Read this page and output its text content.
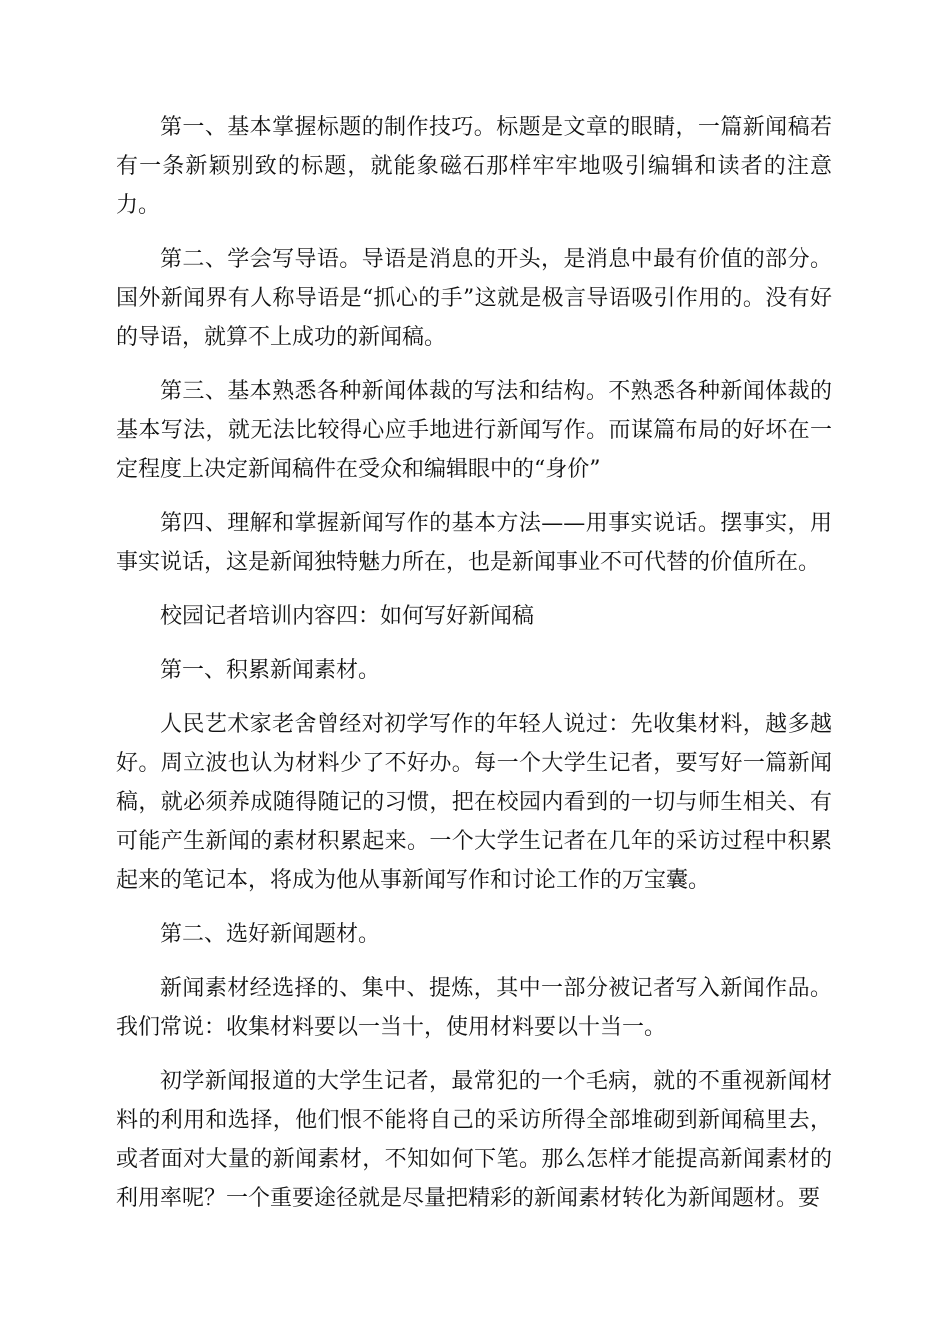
第一、基本掌握标题的制作技巧。标题是文章的眼睛，一篇新闻稿若有一条新颖别致的标题，就能象磁石那样牢牢地吸引编辑和读者的注意力。

第二、学会写导语。导语是消息的开头，是消息中最有价值的部分。国外新闻界有人称导语是“抓心的手”这就是极言导语吸引作用的。没有好的导语，就算不上成功的新闻稿。

第三、基本熟悉各种新闻体裁的写法和结构。不熟悉各种新闻体裁的基本写法，就无法比较得心应手地进行新闻写作。而谋篇布局的好坏在一定程度上决定新闻稿件在受众和编辑眼中的“身价”

第四、理解和掌握新闻写作的基本方法——用事实说话。摆事实，用事实说话，这是新闻独特魅力所在，也是新闻事业不可代替的价值所在。

校园记者培训内容四：如何写好新闻稿

第一、积累新闻素材。

人民艺术家老舍曾经对初学写作的年轻人说过：先收集材料，越多越好。周立波也认为材料少了不好办。每一个大学生记者，要写好一篇新闻稿，就必须养成随得随记的习惯，把在校园内看到的一切与师生相关、有可能产生新闻的素材积累起来。一个大学生记者在几年的采访过程中积累起来的笔记本，将成为他从事新闻写作和讨论工作的万宝囊。

第二、选好新闻题材。

新闻素材经选择的、集中、提炼，其中一部分被记者写入新闻作品。我们常说：收集材料要以一当十，使用材料要以十当一。

初学新闻报道的大学生记者，最常犯的一个毛病，就的不重视新闻材料的利用和选择，他们恨不能将自己的采访所得全部堆砌到新闻稿里去，或者面对大量的新闻素材，不知如何下笔。那么怎样才能提高新闻素材的利用率呢？一个重要途径就是尽量把精彩的新闻素材转化为新闻题材。要
